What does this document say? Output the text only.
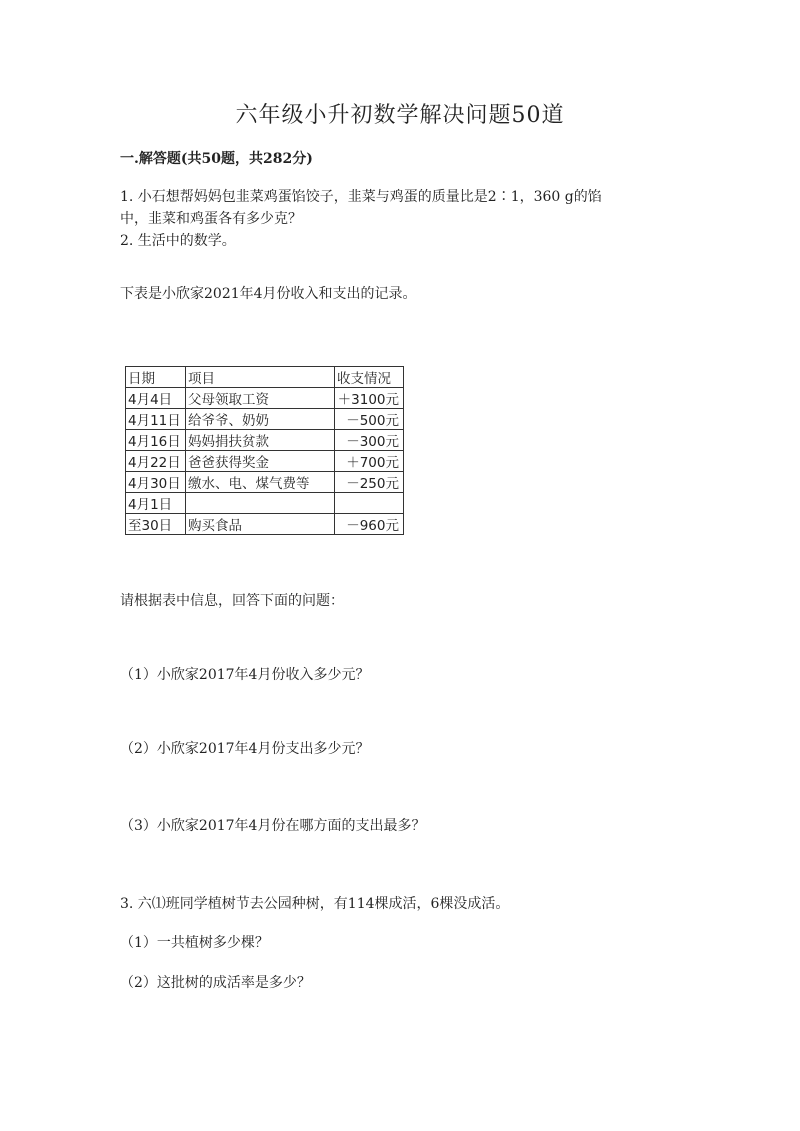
六年级小升初数学解决问题50道
一.解答题(共50题，共282分)
1. 小石想帮妈妈包韭菜鸡蛋馅饺子，韭菜与鸡蛋的质量比是2∶1，360 g的馅
中，韭菜和鸡蛋各有多少克？
2. 生活中的数学。
下表是小欣家2021年4月份收入和支出的记录。
日期	项目	收支情况
4月4日	父母领取工资	＋3100元
4月11日	给爷爷、奶奶	－500元
4月16日	妈妈捐扶贫款	－300元
4月22日	爸爸获得奖金	＋700元
4月30日	缴水、电、煤气费等	－250元
4月1日		
至30日	购买食品	－960元
请根据表中信息，回答下面的问题：
（1）小欣家2017年4月份收入多少元？
（2）小欣家2017年4月份支出多少元？
（3）小欣家2017年4月份在哪方面的支出最多？
3. 六⑴班同学植树节去公园种树，有114棵成活，6棵没成活。
（1）一共植树多少棵？
（2）这批树的成活率是多少？
